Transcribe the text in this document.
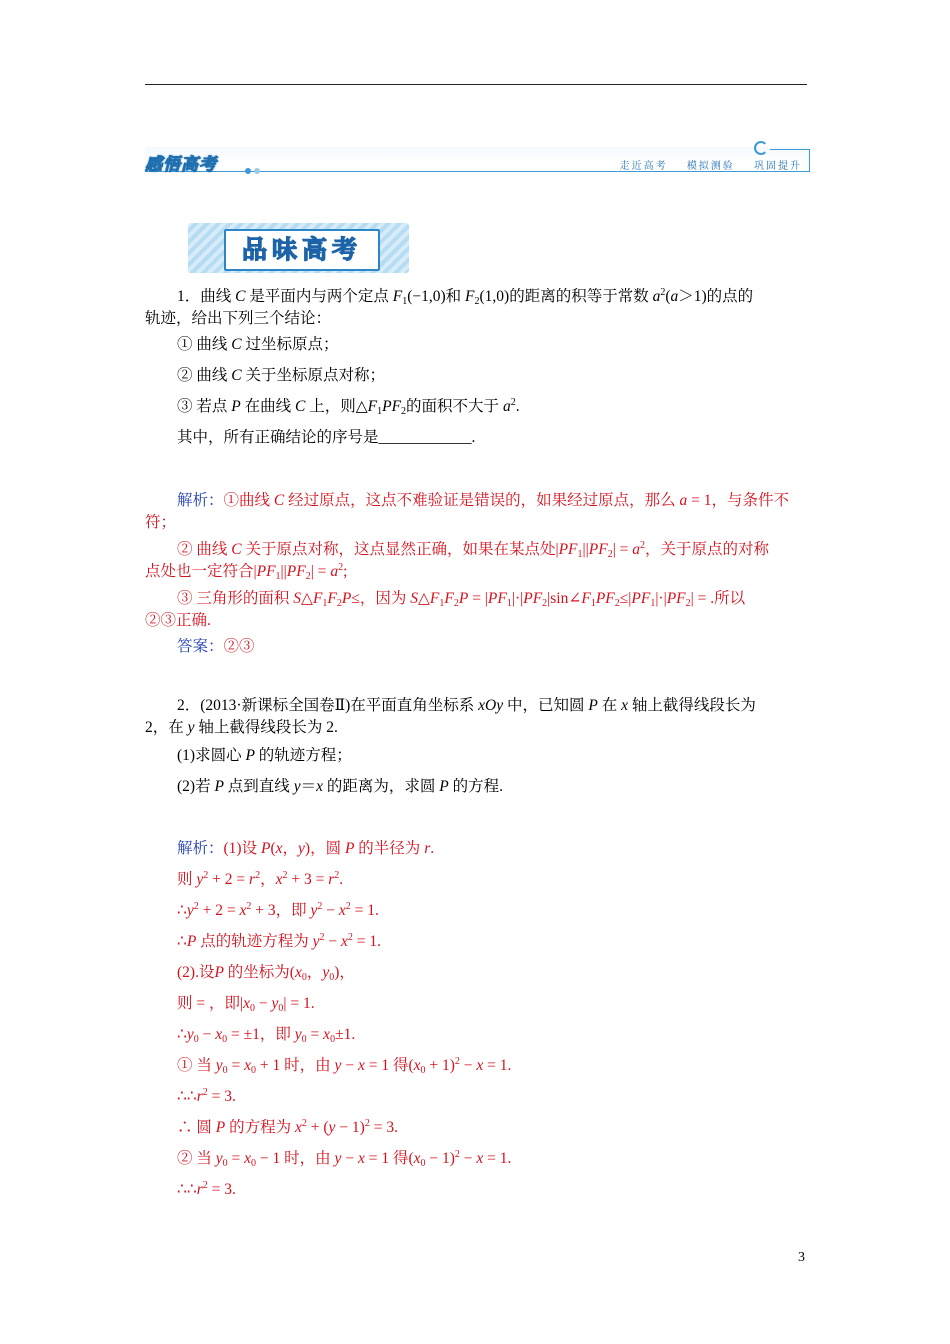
感悟高考	走近高考 模拟测验 巩固提升
品味高考
1．曲线 C 是平面内与两个定点 $F_1(-1,0)$和 $F_2(1,0)$的距离的积等于常数 $a^2(a>1)$的点的
轨迹，给出下列三个结论：
① 曲线 C 过坐标原点；
② 曲线 C 关于坐标原点对称；
③ 若点 P 在曲线 C 上，则$\triangle F_1PF_2$的面积不大于 $a^2$.
其中，所有正确结论的序号是____________.
解析：①曲线 C 经过原点，这点不难验证是错误的，如果经过原点，那么 a = 1，与条件不
符；
② 曲线 C 关于原点对称，这点显然正确，如果在某点处$|PF_1||PF_2| = a^2$，关于原点的对称
点处也一定符合$|PF_1||PF_2| = a^2$;
③ 三角形的面积 $S\triangle F_1F_2P\le$，因为 $S\triangle F_1F_2P$ = $|PF_1|\cdot|PF_2|\sin\angle F_1PF_2\le|PF_1|\cdot|PF_2|$ = .所以
②③正确.
答案：②③
2．(2013·新课标全国卷Ⅱ)在平面直角坐标系 xOy 中，已知圆 P 在 x 轴上截得线段长为
2，在 y 轴上截得线段长为 2.
(1)求圆心 P 的轨迹方程；
(2)若 P 点到直线 y＝x 的距离为，求圆 P 的方程.
解析：(1)设 P(x，y)，圆 P 的半径为 r.
则 $y^2 + 2 = r^2$，$x^2 + 3 = r^2$.
$\therefore y^2 + 2 = x^2 + 3$，即 $y^2 - x^2 = 1$.
∴P 点的轨迹方程为 $y^2 - x^2 = 1$.
(2).设P 的坐标为($x_0$，$y_0$)，
则 = ，即$|x_0 - y_0| = 1$.
$\therefore y_0 - x_0 = \pm 1$，即 $y_0 = x_0\pm 1$.
① 当 $y_0 = x_0 + 1$ 时，由 y − x = 1 得$(x_0 + 1)^2 - x = 1$.
$\therefore\therefore r^2 = 3$.
∴ 圆 P 的方程为 $x^2 + (y - 1)^2 = 3$.
② 当 $y_0 = x_0 - 1$ 时，由 y − x = 1 得$(x_0 - 1)^2 - x = 1$.
$\therefore\therefore r^2 = 3$.
3
